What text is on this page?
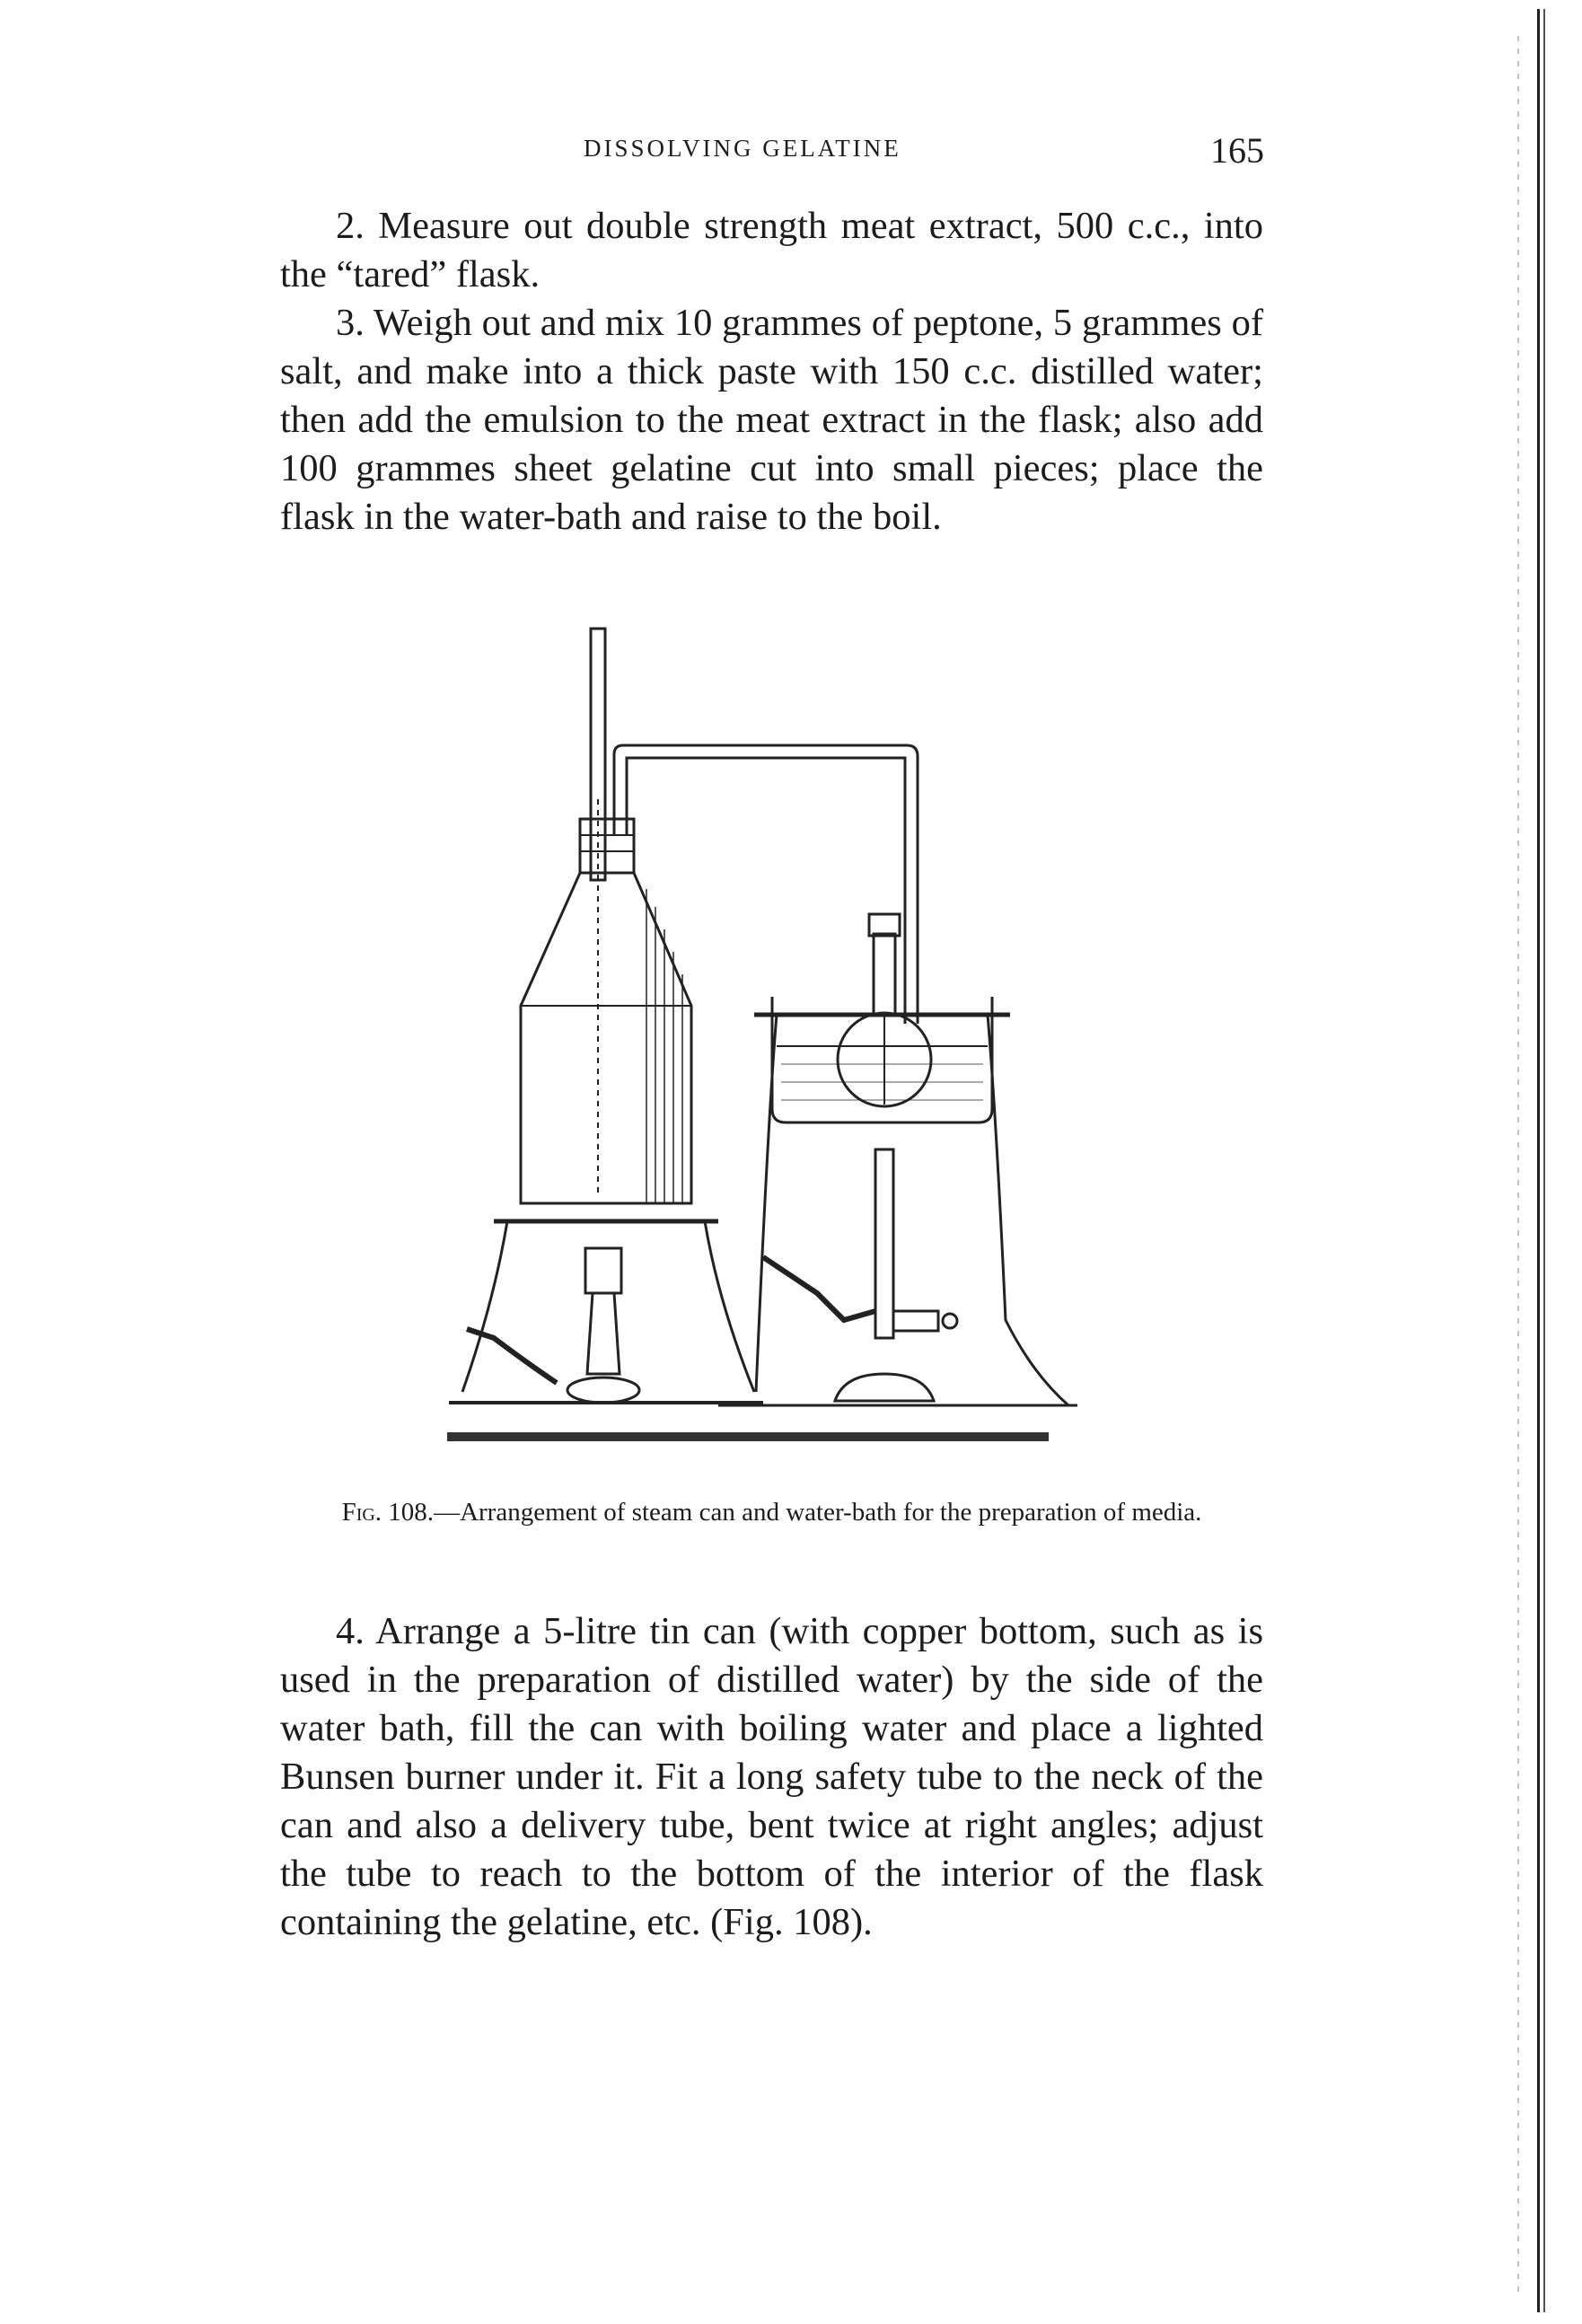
DISSOLVING GELATINE	165

2. Measure out double strength meat extract, 500 c.c., into the “tared” flask.

3. Weigh out and mix 10 grammes of peptone, 5 grammes of salt, and make into a thick paste with 150 c.c. distilled water; then add the emulsion to the meat extract in the flask; also add 100 grammes sheet gelatine cut into small pieces; place the flask in the water-bath and raise to the boil.

Fig. 108.—Arrangement of steam can and water-bath for the preparation of media.

4. Arrange a 5-litre tin can (with copper bottom, such as is used in the preparation of distilled water) by the side of the water bath, fill the can with boiling water and place a lighted Bunsen burner under it. Fit a long safety tube to the neck of the can and also a delivery tube, bent twice at right angles; adjust the tube to reach to the bottom of the interior of the flask containing the gelatine, etc. (Fig. 108).
